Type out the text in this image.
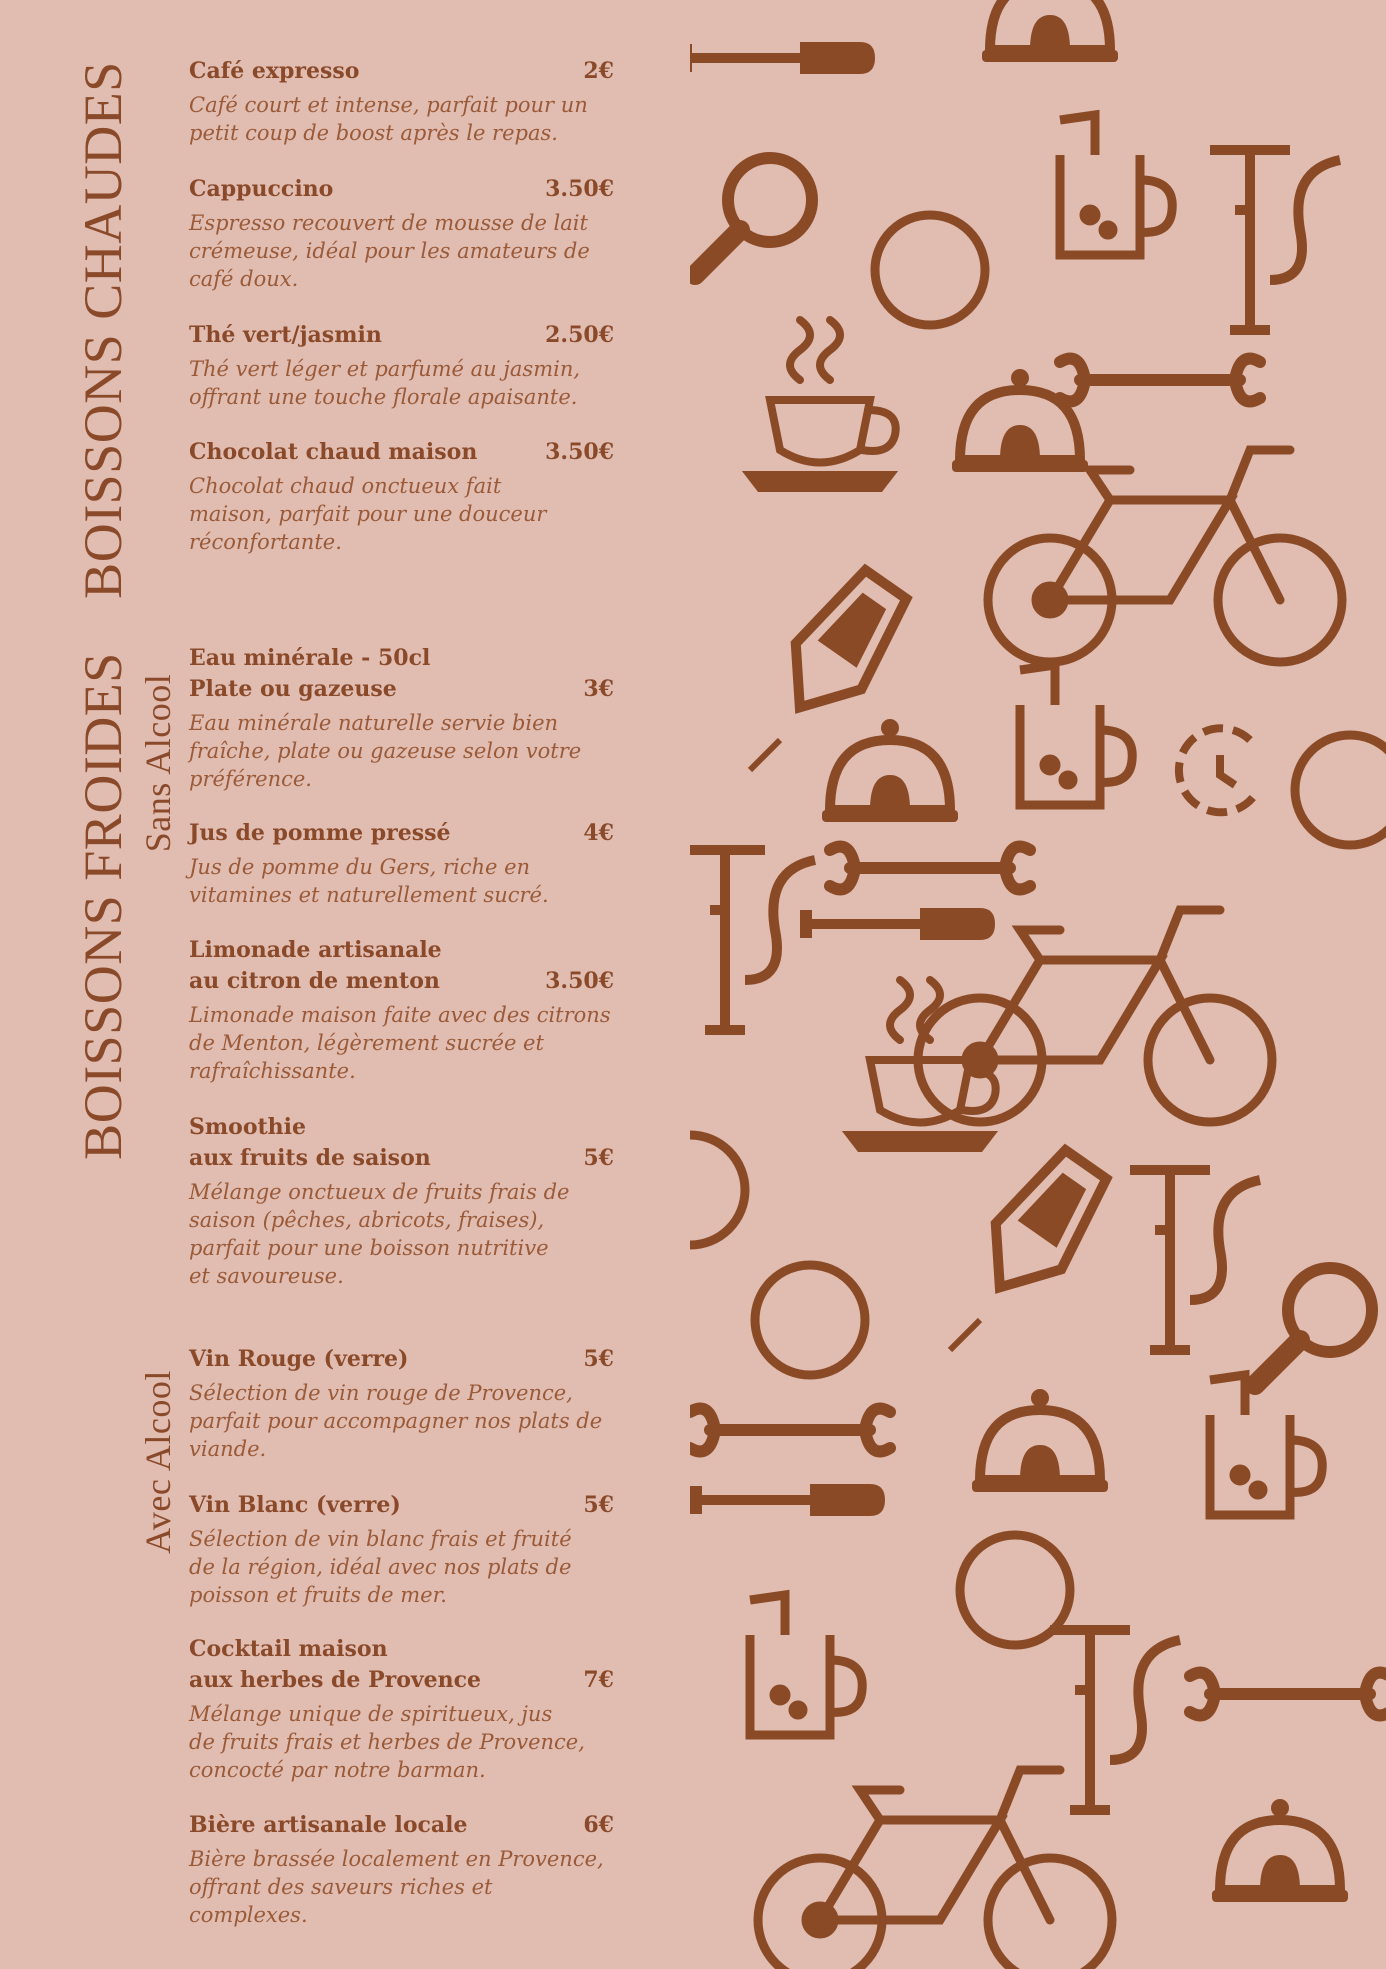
BOISSONS CHAUDES
BOISSONS FROIDES Sans Alcool
Avec Alcool
Café expresso	2€
Café court et intense, parfait pour un
petit coup de boost après le repas.
Cappuccino	3.50€
Espresso recouvert de mousse de lait
crémeuse, idéal pour les amateurs de
café doux.
Thé vert/jasmin	2.50€
Thé vert léger et parfumé au jasmin,
offrant une touche florale apaisante.
Chocolat chaud maison	3.50€
Chocolat chaud onctueux fait
maison, parfait pour une douceur
réconfortante.
Eau minérale - 50cl
Plate ou gazeuse	3€
Eau minérale naturelle servie bien
fraîche, plate ou gazeuse selon votre
préférence.
Jus de pomme pressé	4€
Jus de pomme du Gers, riche en
vitamines et naturellement sucré.
Limonade artisanale
au citron de menton	3.50€
Limonade maison faite avec des citrons
de Menton, légèrement sucrée et
rafraîchissante.
Smoothie
aux fruits de saison	5€
Mélange onctueux de fruits frais de
saison (pêches, abricots, fraises),
parfait pour une boisson nutritive
et savoureuse.
Vin Rouge (verre)	5€
Sélection de vin rouge de Provence,
parfait pour accompagner nos plats de
viande.
Vin Blanc (verre)	5€
Sélection de vin blanc frais et fruité
de la région, idéal avec nos plats de
poisson et fruits de mer.
Cocktail maison
aux herbes de Provence	7€
Mélange unique de spiritueux, jus
de fruits frais et herbes de Provence,
concocté par notre barman.
Bière artisanale locale	6€
Bière brassée localement en Provence,
offrant des saveurs riches et complexes.
